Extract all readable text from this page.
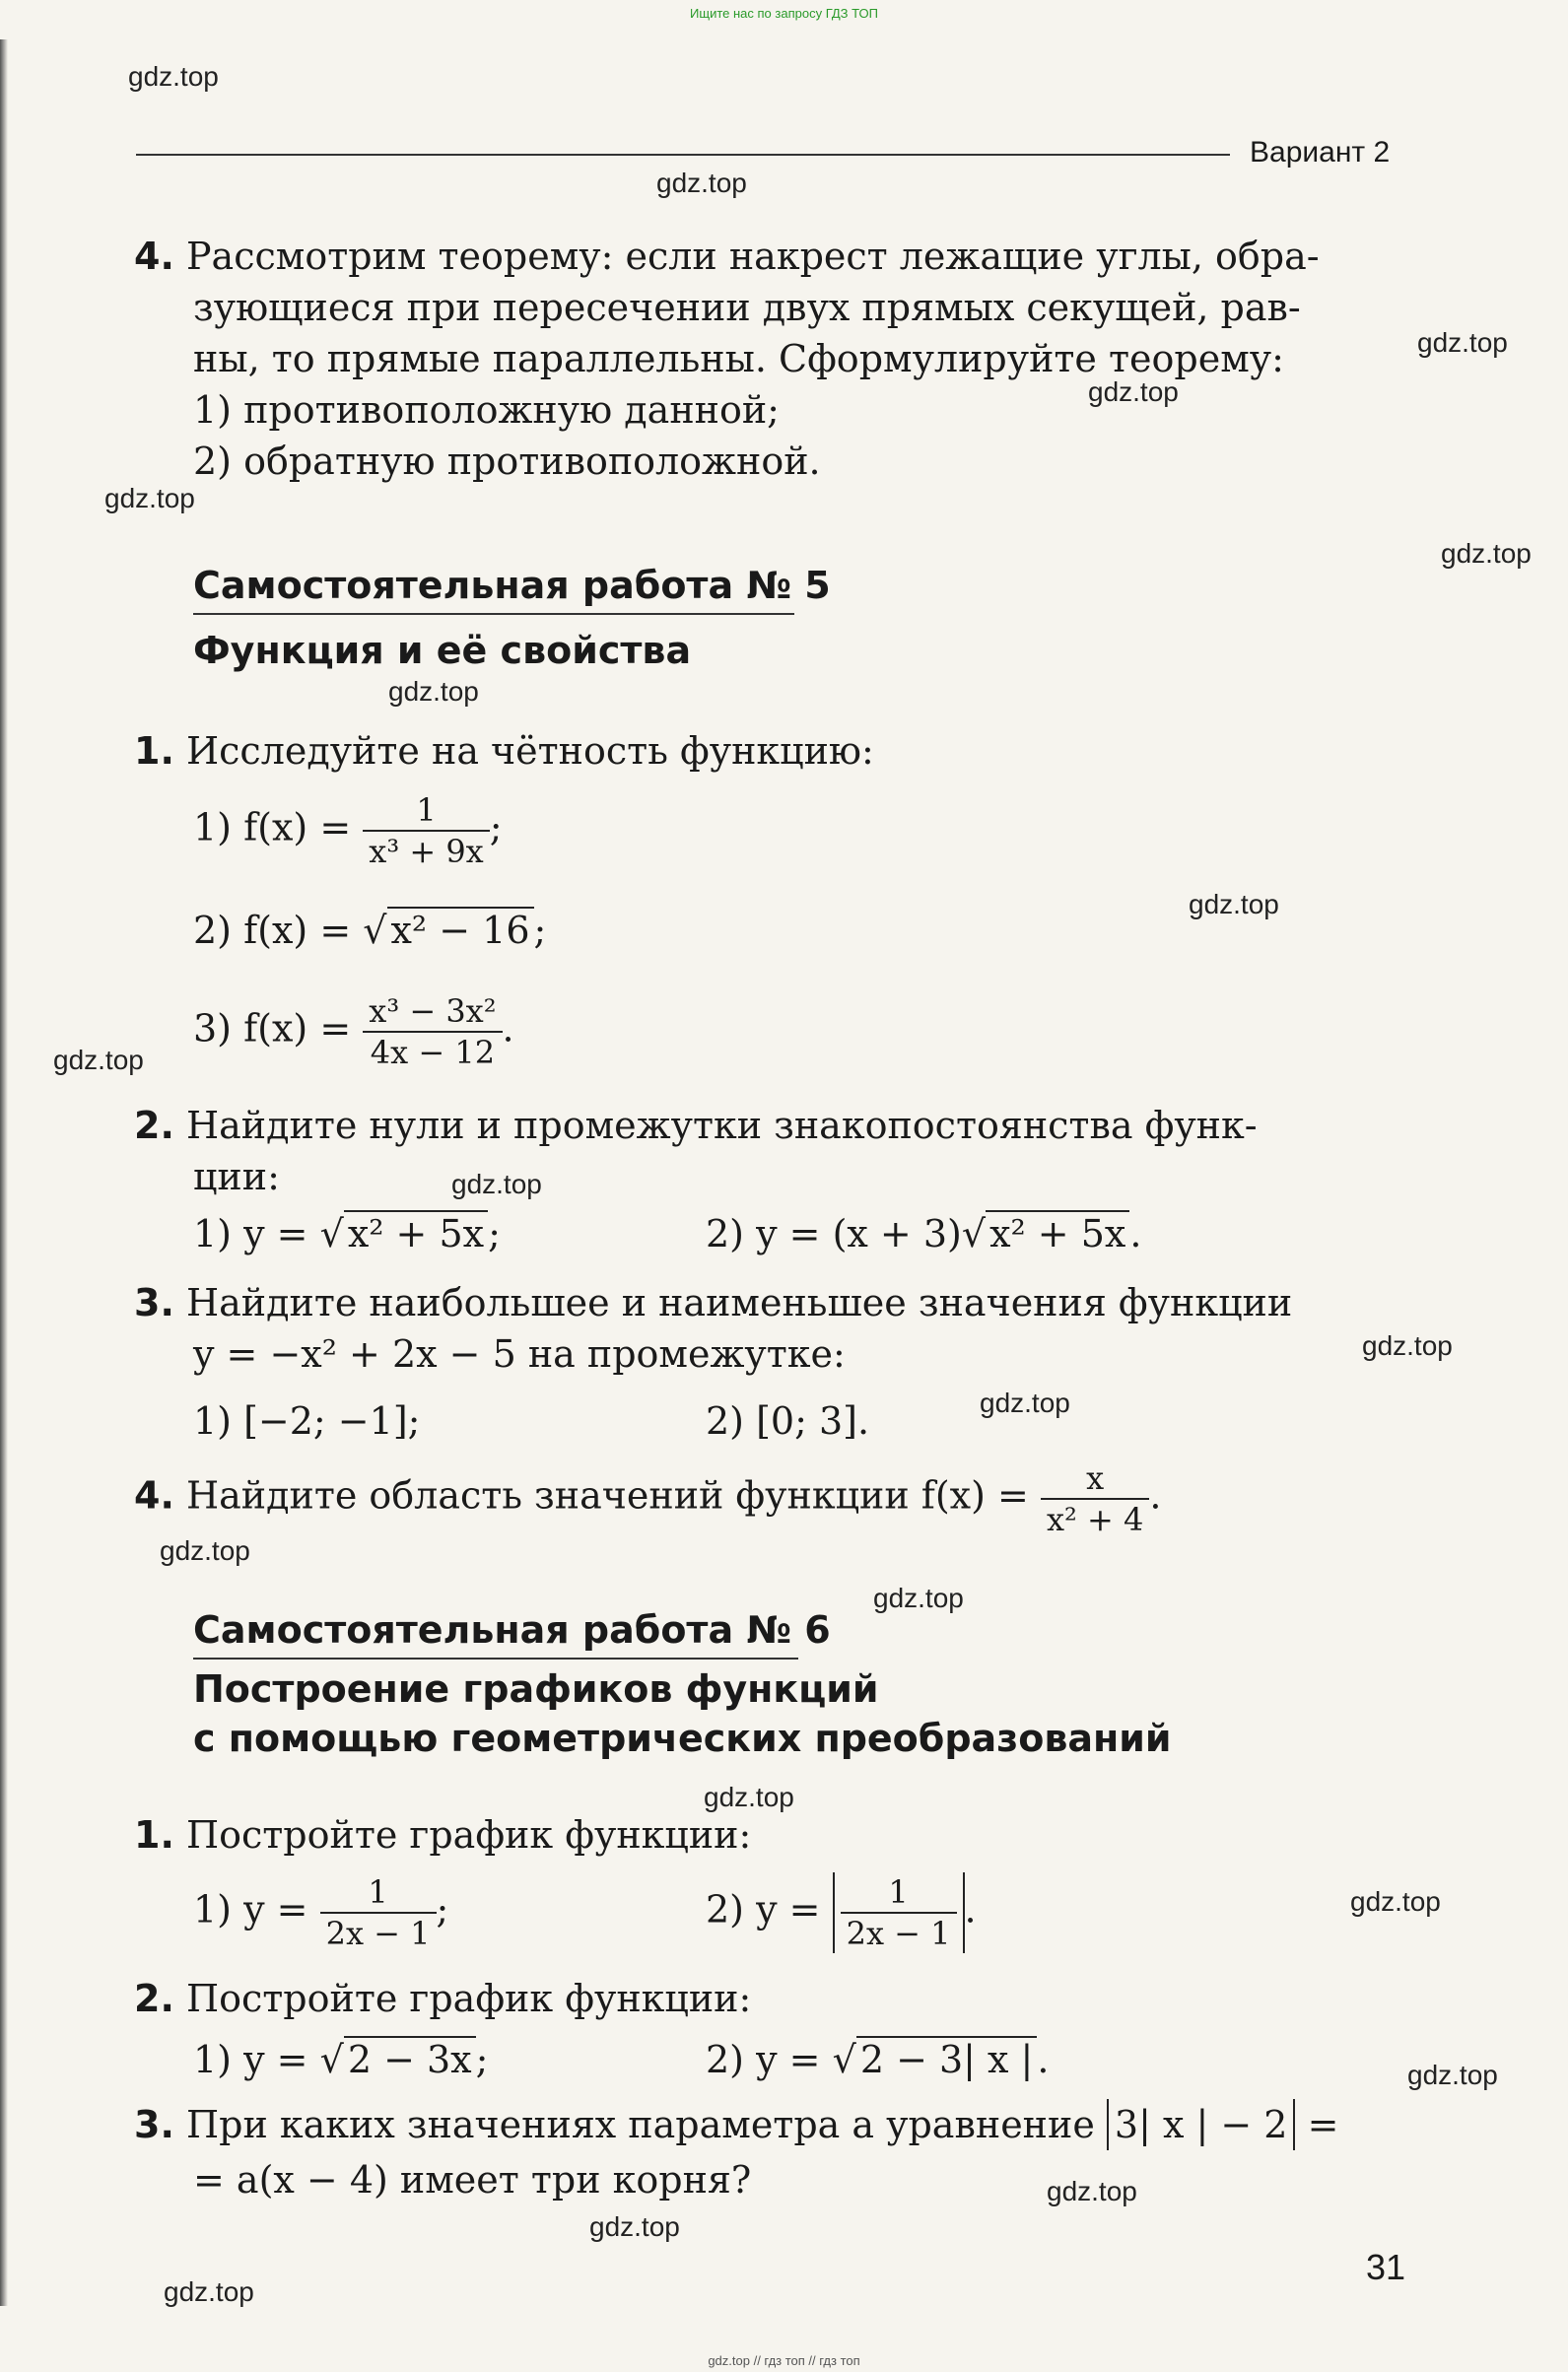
Ищите нас по запросу ГДЗ ТОП
gdz.top
gdz.top
gdz.top
gdz.top
gdz.top
gdz.top
gdz.top
gdz.top
gdz.top
gdz.top
gdz.top
gdz.top
gdz.top
gdz.top
gdz.top
gdz.top
gdz.top
gdz.top
gdz.top
gdz.top
Вариант 2
4. Рассмотрим теорему: если накрест лежащие углы, обра-
зующиеся при пересечении двух прямых секущей, рав-
ны, то прямые параллельны. Сформулируйте теорему:
1) противоположную данной;
2) обратную противоположной.
Самостоятельная работа № 5
Функция и её свойства
1. Исследуйте на чётность функцию:
1) $f(x) = \frac{1}{\text{x³ + 9x}}$ ;
2) f(x) = √ x² − 16 ;
3) $f(x) = \frac{\text{x³ − 3x²}}{4x - 12}$ .
2. Найдите нули и промежутки знакопостоянства функ-
ции:
1) y = √ x² + 5x ;	2) y = (x + 3)√ x² + 5x .
3. Найдите наибольшее и наименьшее значения функции
y = −x² + 2x − 5 на промежутке:
1) [−2; −1];	2) [0; 3].
4. Найдите область значений функции $f(x) = \frac{x}{\text{x² + 4}}$ .
Самостоятельная работа № 6
Построение графиков функций
с помощью геометрических преобразований
1. Постройте график функции:
1) $y = \frac{1}{2x - 1}$ ;	2) $y = \frac{1}{2x - 1}$ .
2. Постройте график функции:
1) y = √ 2 − 3x ;	2) y = √ 2 − 3| x | .
3. При каких значениях параметра a уравнение 3| x | − 2 =
= a(x − 4) имеет три корня?
31
gdz.top // гдз топ // гдз топ
